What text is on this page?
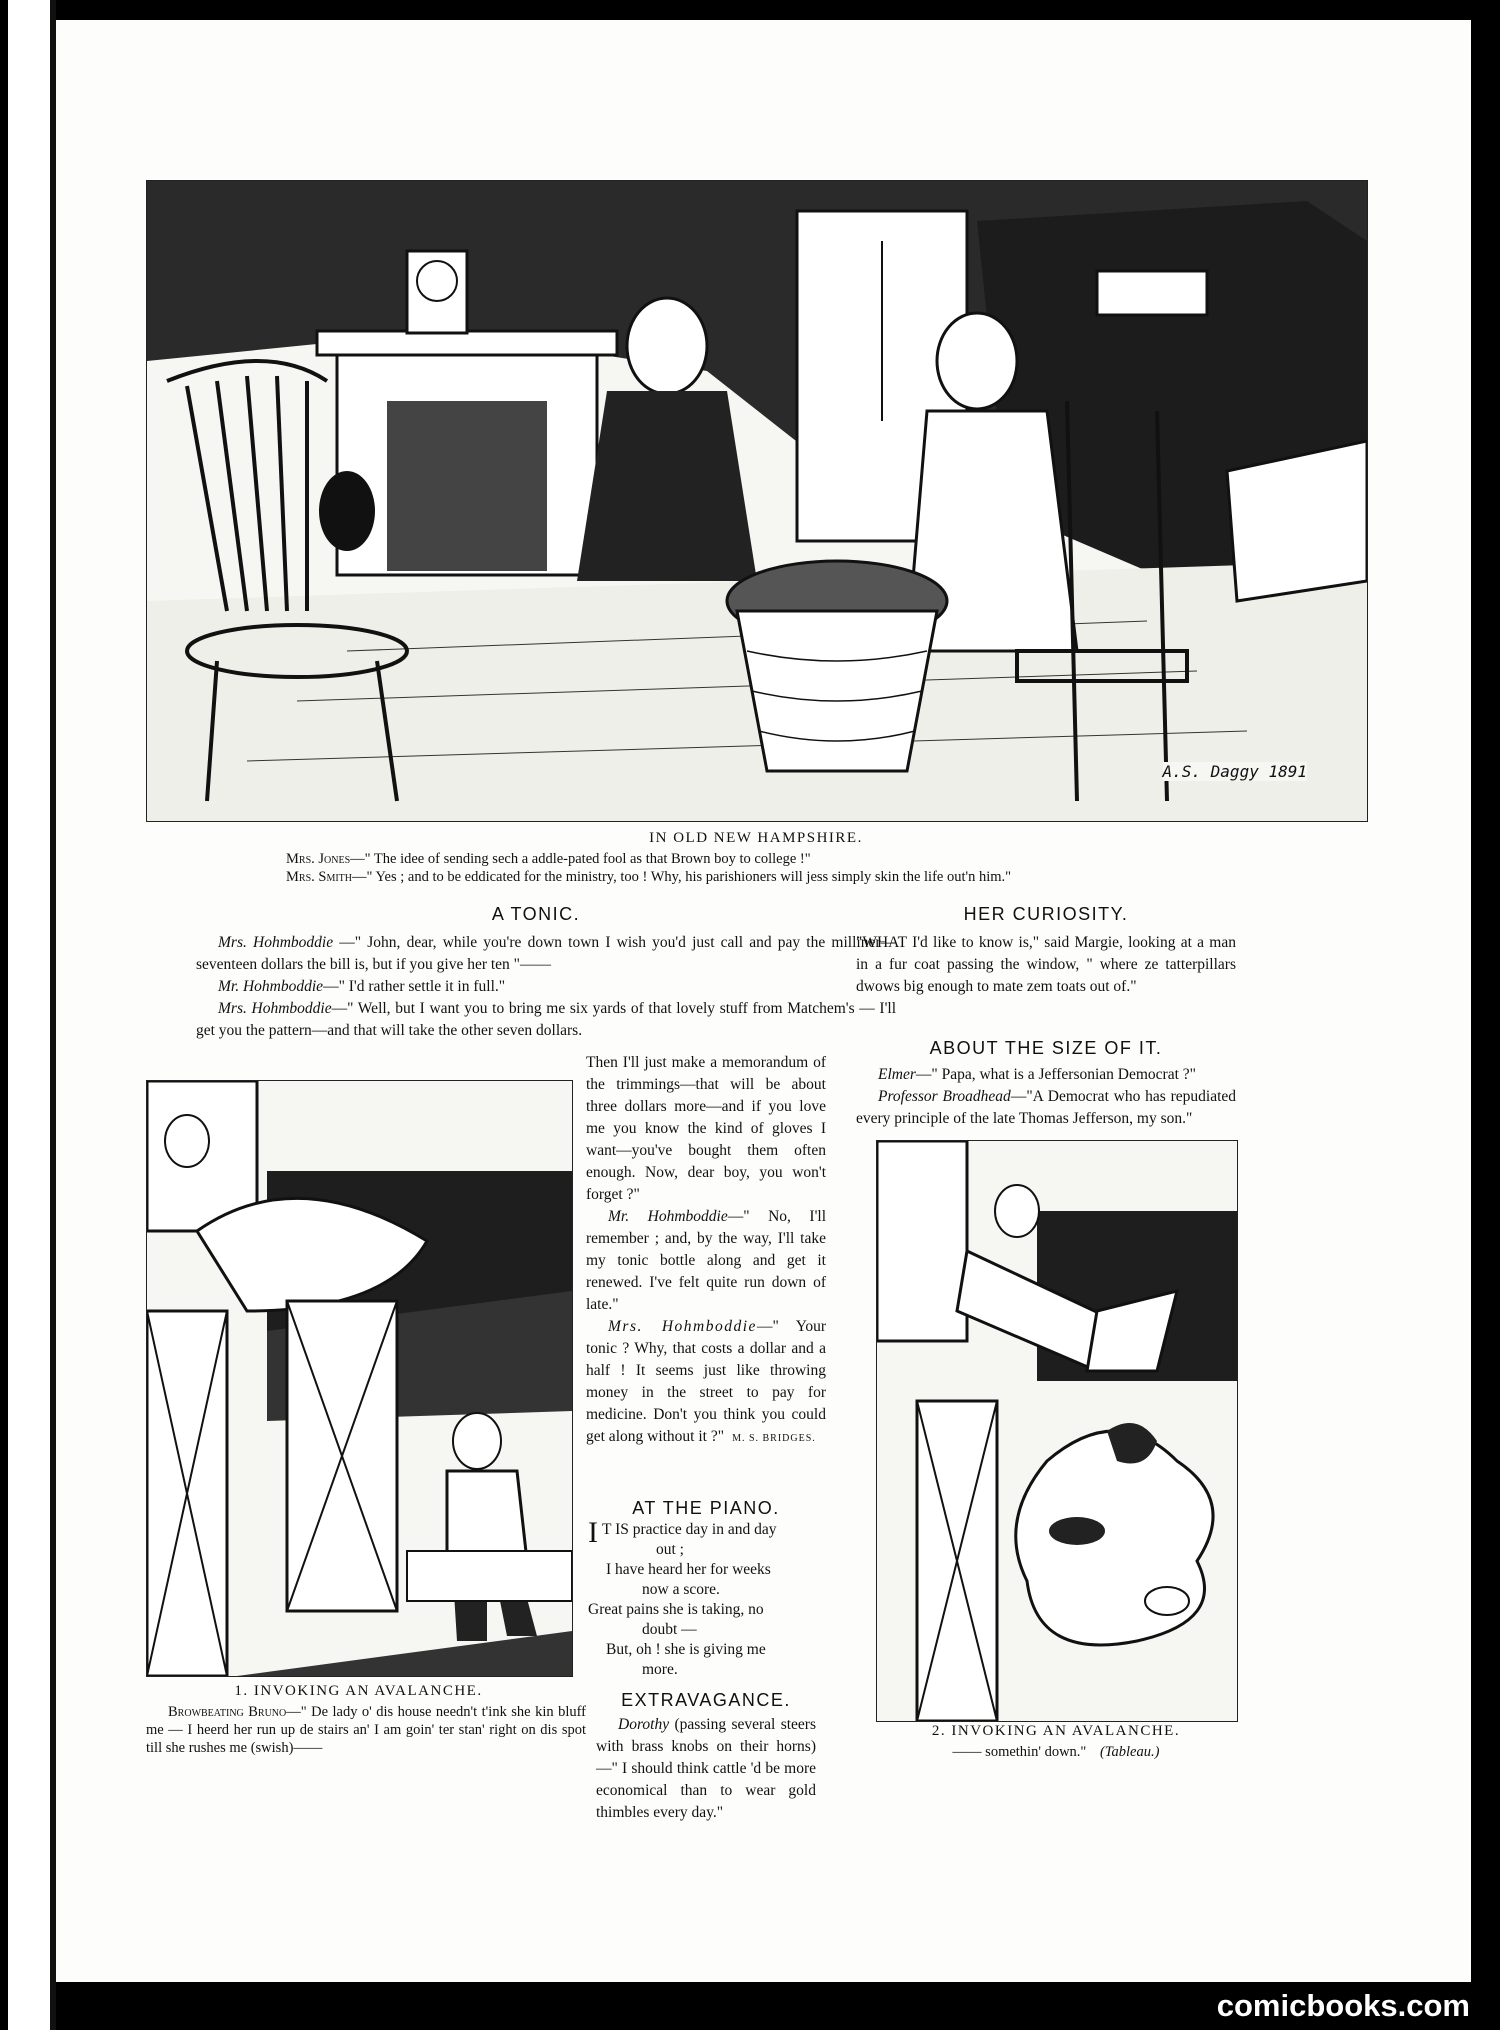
A.S. Daggy 1891
IN OLD NEW HAMPSHIRE.
Mrs. Jones—" The idee of sending sech a addle-pated fool as that Brown boy to college !"
Mrs. Smith—" Yes ; and to be eddicated for the ministry, too ! Why, his parishioners will jess simply skin the life out'n him."
A TONIC.

Mrs. Hohmboddie —" John, dear, while you're down town I wish you'd just call and pay the milliner—seventeen dollars the bill is, but if you give her ten "——

Mr. Hohmboddie—" I'd rather settle it in full."

Mrs. Hohmboddie—" Well, but I want you to bring me six yards of that lovely stuff from Matchem's — I'll get you the pattern—and that will take the other seven dollars.

Then I'll just make a memorandum of the trimmings—that will be about three dollars more—and if you love me you know the kind of gloves I want—you've bought them often enough. Now, dear boy, you won't forget ?"

Mr. Hohmboddie—" No, I'll remember ; and, by the way, I'll take my tonic bottle along and get it renewed. I've felt quite run down of late."

Mrs. Hohmboddie—" Your tonic ? Why, that costs a dollar and a half ! It seems just like throwing money in the street to pay for medicine. Don't you think you could get along without it ?" M. S. BRIDGES.

1. INVOKING AN AVALANCHE.
Browbeating Bruno—" De lady o' dis house needn't t'ink she kin bluff me — I heerd her run up de stairs an' I am goin' ter stan' right on dis spot till she rushes me (swish)——
AT THE PIANO.
I T IS practice day in and day
out ;
I have heard her for weeks
now a score.
Great pains she is taking, no
doubt —
But, oh ! she is giving me
more.
EXTRAVAGANCE.

Dorothy (passing several steers with brass knobs on their horns)—" I should think cattle 'd be more economical than to wear gold thimbles every day."

HER CURIOSITY.

"WHAT I'd like to know is," said Margie, looking at a man in a fur coat passing the window, " where ze tatterpillars dwows big enough to mate zem toats out of."

ABOUT THE SIZE OF IT.

Elmer—" Papa, what is a Jeffersonian Democrat ?"

Professor Broadhead—"A Democrat who has repudiated every principle of the late Thomas Jefferson, my son."

2. INVOKING AN AVALANCHE.
—— somethin' down." (Tableau.)
comicbooks.com
